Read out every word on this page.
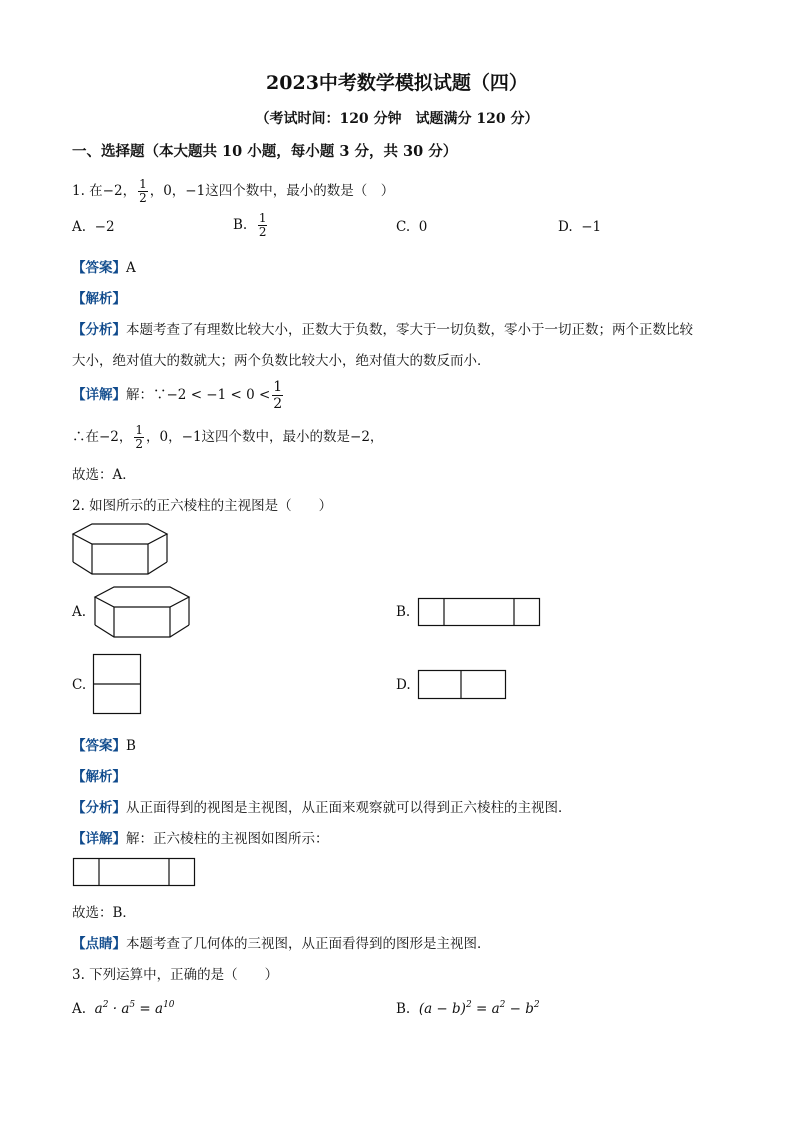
2023中考数学模拟试题（四）
（考试时间：120 分钟　试题满分 120 分）
一、选择题（本大题共 10 小题，每小题 3 分，共 30 分）
1. 在−2， $\frac{1}{2}$ ，0，−1这四个数中，最小的数是（　）
A. −2	B. $\frac{1}{2}$	C. 0	D. −1
【答案】A
【解析】
【分析】本题考查了有理数比较大小，正数大于负数，零大于一切负数，零小于一切正数；两个正数比较
大小，绝对值大的数就大；两个负数比较大小，绝对值大的数反而小．
【详解】解：∵−2 < $-1 < 0 < \frac{1}{2}$
∴在−2， $\frac{1}{2}$ ，0，−1这四个数中，最小的数是−2，
故选：A．
2. 如图所示的正六棱柱的主视图是（　　）
A.	B.
C.	D.
【答案】B
【解析】
【分析】从正面得到的视图是主视图，从正面来观察就可以得到正六棱柱的主视图．
【详解】解：正六棱柱的主视图如图所示：
故选：B．
【点睛】本题考查了几何体的三视图，从正面看得到的图形是主视图．
3. 下列运算中，正确的是（　　）
A. $a^2 \cdot a^5 = a^{10}$	B. $(a - b)^2 = a^2 - b^2$
